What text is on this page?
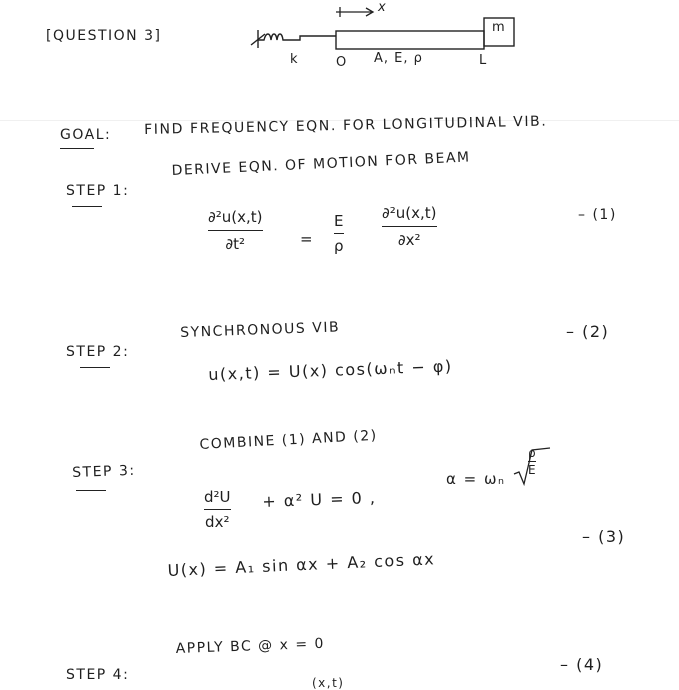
[QUESTION 3]
x
k	O A, E, ρ	L
m
GOAL: FIND FREQUENCY EQN. FOR LONGITUDINAL VIB.
STEP 1:
DERIVE EQN. OF MOTION FOR BEAM
∂²u(x,t)
∂t²	=
E
ρ
∂²u(x,t)
∂x²
– (1)
STEP 2:
SYNCHRONOUS VIB
u(x,t) = U(x) cos(ωₙt − φ)
– (2)
STEP 3:
COMBINE (1) AND (2)
d²U
dx²
+ α² U = 0 ,
α = ωₙ
ρ
E
– (3)
U(x) = A₁ sin αx + A₂ cos αx
STEP 4:
APPLY BC @ x = 0
– (4)
(x,t)
